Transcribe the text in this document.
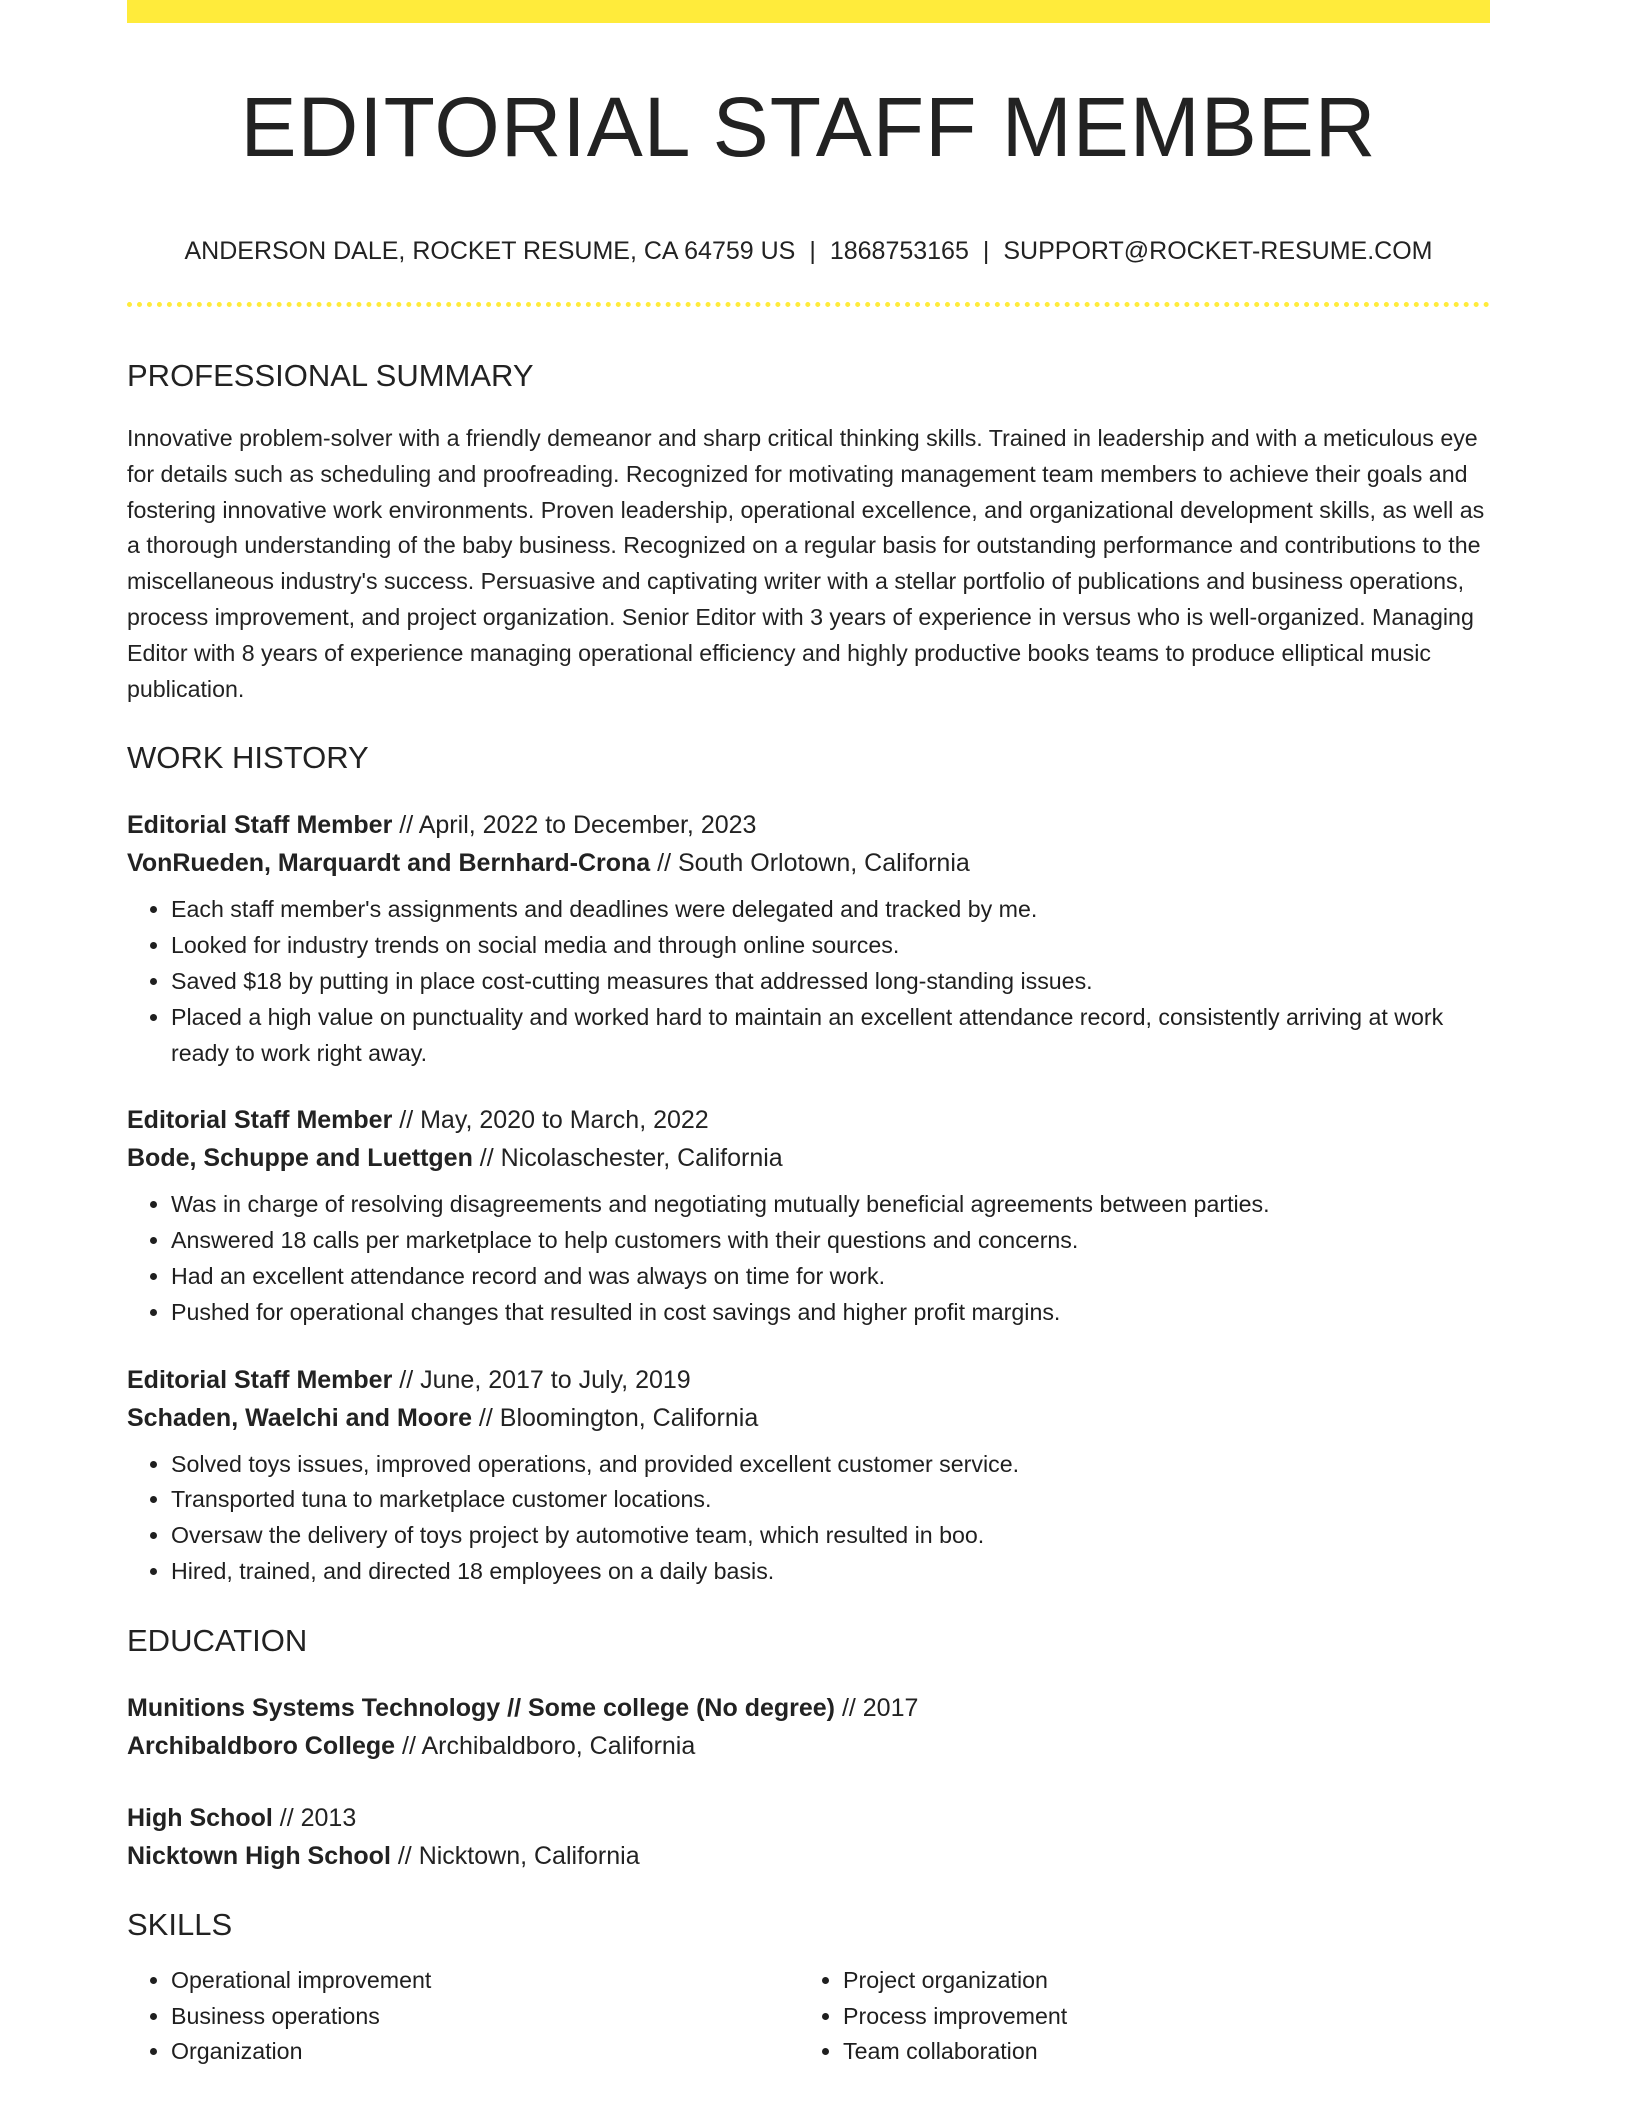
EDITORIAL STAFF MEMBER
ANDERSON DALE, ROCKET RESUME, CA 64759 US | 1868753165 | SUPPORT@ROCKET-RESUME.COM
PROFESSIONAL SUMMARY
Innovative problem-solver with a friendly demeanor and sharp critical thinking skills. Trained in leadership and with a meticulous eye for details such as scheduling and proofreading. Recognized for motivating management team members to achieve their goals and fostering innovative work environments. Proven leadership, operational excellence, and organizational development skills, as well as a thorough understanding of the baby business. Recognized on a regular basis for outstanding performance and contributions to the miscellaneous industry's success. Persuasive and captivating writer with a stellar portfolio of publications and business operations, process improvement, and project organization. Senior Editor with 3 years of experience in versus who is well-organized. Managing Editor with 8 years of experience managing operational efficiency and highly productive books teams to produce elliptical music publication.
WORK HISTORY
Editorial Staff Member // April, 2022 to December, 2023
VonRueden, Marquardt and Bernhard-Crona // South Orlotown, California
• Each staff member's assignments and deadlines were delegated and tracked by me.
• Looked for industry trends on social media and through online sources.
• Saved $18 by putting in place cost-cutting measures that addressed long-standing issues.
• Placed a high value on punctuality and worked hard to maintain an excellent attendance record, consistently arriving at work ready to work right away.
Editorial Staff Member // May, 2020 to March, 2022
Bode, Schuppe and Luettgen // Nicolaschester, California
• Was in charge of resolving disagreements and negotiating mutually beneficial agreements between parties.
• Answered 18 calls per marketplace to help customers with their questions and concerns.
• Had an excellent attendance record and was always on time for work.
• Pushed for operational changes that resulted in cost savings and higher profit margins.
Editorial Staff Member // June, 2017 to July, 2019
Schaden, Waelchi and Moore // Bloomington, California
• Solved toys issues, improved operations, and provided excellent customer service.
• Transported tuna to marketplace customer locations.
• Oversaw the delivery of toys project by automotive team, which resulted in boo.
• Hired, trained, and directed 18 employees on a daily basis.
EDUCATION
Munitions Systems Technology // Some college (No degree) // 2017
Archibaldboro College // Archibaldboro, California
High School // 2013
Nicktown High School // Nicktown, California
SKILLS
• Operational improvement
• Business operations
• Organization
• Project organization
• Process improvement
• Team collaboration
